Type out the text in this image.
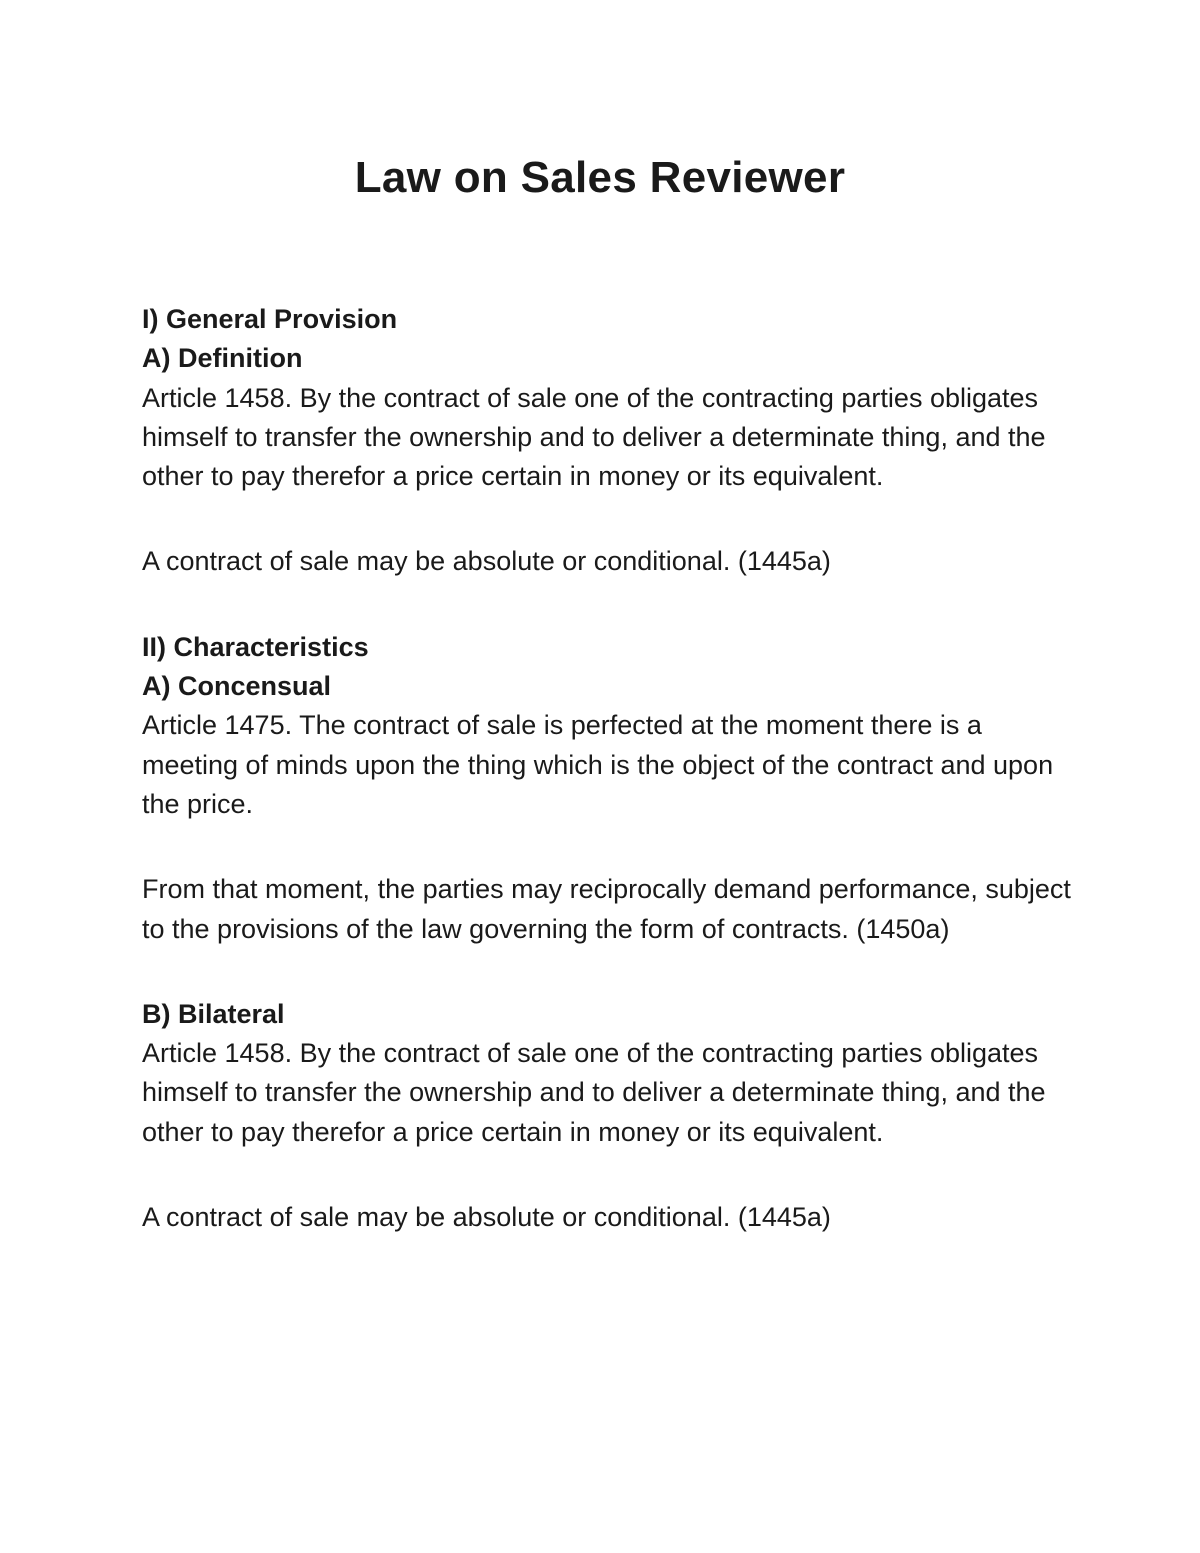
Law on Sales Reviewer

I) General Provision

A) Definition

Article 1458. By the contract of sale one of the contracting parties obligates himself to transfer the ownership and to deliver a determinate thing, and the other to pay therefor a price certain in money or its equivalent.

A contract of sale may be absolute or conditional. (1445a)

II) Characteristics

A) Concensual

Article 1475. The contract of sale is perfected at the moment there is a meeting of minds upon the thing which is the object of the contract and upon the price.

From that moment, the parties may reciprocally demand performance, subject to the provisions of the law governing the form of contracts. (1450a)

B) Bilateral

Article 1458. By the contract of sale one of the contracting parties obligates himself to transfer the ownership and to deliver a determinate thing, and the other to pay therefor a price certain in money or its equivalent.

A contract of sale may be absolute or conditional. (1445a)
